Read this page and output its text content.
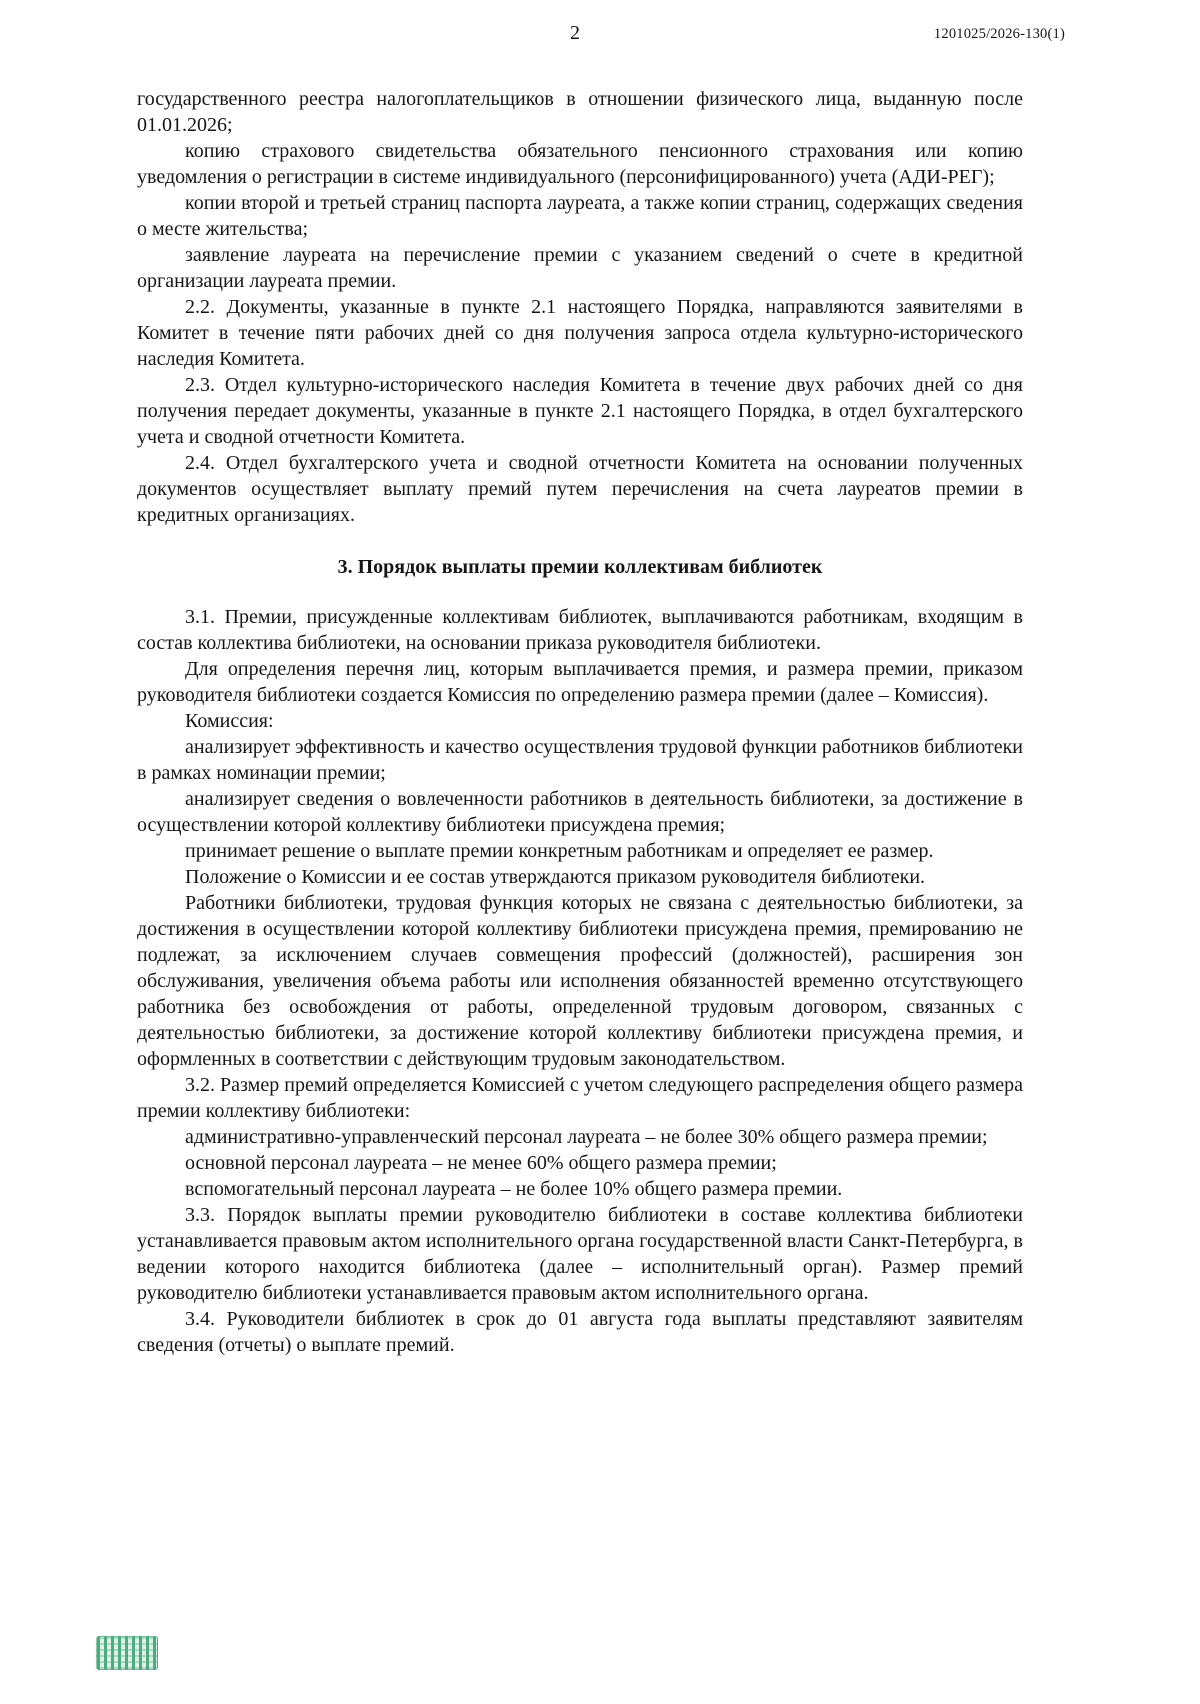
2	1201025/2026-130(1)

государственного реестра налогоплательщиков в отношении физического лица, выданную после 01.01.2026;

копию страхового свидетельства обязательного пенсионного страхования или копию уведомления о регистрации в системе индивидуального (персонифицированного) учета (АДИ-РЕГ);

копии второй и третьей страниц паспорта лауреата, а также копии страниц, содержащих сведения о месте жительства;

заявление лауреата на перечисление премии с указанием сведений о счете в кредитной организации лауреата премии.

2.2. Документы, указанные в пункте 2.1 настоящего Порядка, направляются заявителями в Комитет в течение пяти рабочих дней со дня получения запроса отдела культурно-исторического наследия Комитета.

2.3. Отдел культурно-исторического наследия Комитета в течение двух рабочих дней со дня получения передает документы, указанные в пункте 2.1 настоящего Порядка, в отдел бухгалтерского учета и сводной отчетности Комитета.

2.4. Отдел бухгалтерского учета и сводной отчетности Комитета на основании полученных документов осуществляет выплату премий путем перечисления на счета лауреатов премии в кредитных организациях.

3. Порядок выплаты премии коллективам библиотек

3.1. Премии, присужденные коллективам библиотек, выплачиваются работникам, входящим в состав коллектива библиотеки, на основании приказа руководителя библиотеки.

Для определения перечня лиц, которым выплачивается премия, и размера премии, приказом руководителя библиотеки создается Комиссия по определению размера премии (далее – Комиссия).

Комиссия:

анализирует эффективность и качество осуществления трудовой функции работников библиотеки в рамках номинации премии;

анализирует сведения о вовлеченности работников в деятельность библиотеки, за достижение в осуществлении которой коллективу библиотеки присуждена премия;

принимает решение о выплате премии конкретным работникам и определяет ее размер.

Положение о Комиссии и ее состав утверждаются приказом руководителя библиотеки.

Работники библиотеки, трудовая функция которых не связана с деятельностью библиотеки, за достижения в осуществлении которой коллективу библиотеки присуждена премия, премированию не подлежат, за исключением случаев совмещения профессий (должностей), расширения зон обслуживания, увеличения объема работы или исполнения обязанностей временно отсутствующего работника без освобождения от работы, определенной трудовым договором, связанных с деятельностью библиотеки, за достижение которой коллективу библиотеки присуждена премия, и оформленных в соответствии с действующим трудовым законодательством.

3.2. Размер премий определяется Комиссией с учетом следующего распределения общего размера премии коллективу библиотеки:

административно-управленческий персонал лауреата – не более 30% общего размера премии;

основной персонал лауреата – не менее 60% общего размера премии;

вспомогательный персонал лауреата – не более 10% общего размера премии.

3.3. Порядок выплаты премии руководителю библиотеки в составе коллектива библиотеки устанавливается правовым актом исполнительного органа государственной власти Санкт-Петербурга, в ведении которого находится библиотека (далее – исполнительный орган). Размер премий руководителю библиотеки устанавливается правовым актом исполнительного органа.

3.4. Руководители библиотек в срок до 01 августа года выплаты представляют заявителям сведения (отчеты) о выплате премий.
